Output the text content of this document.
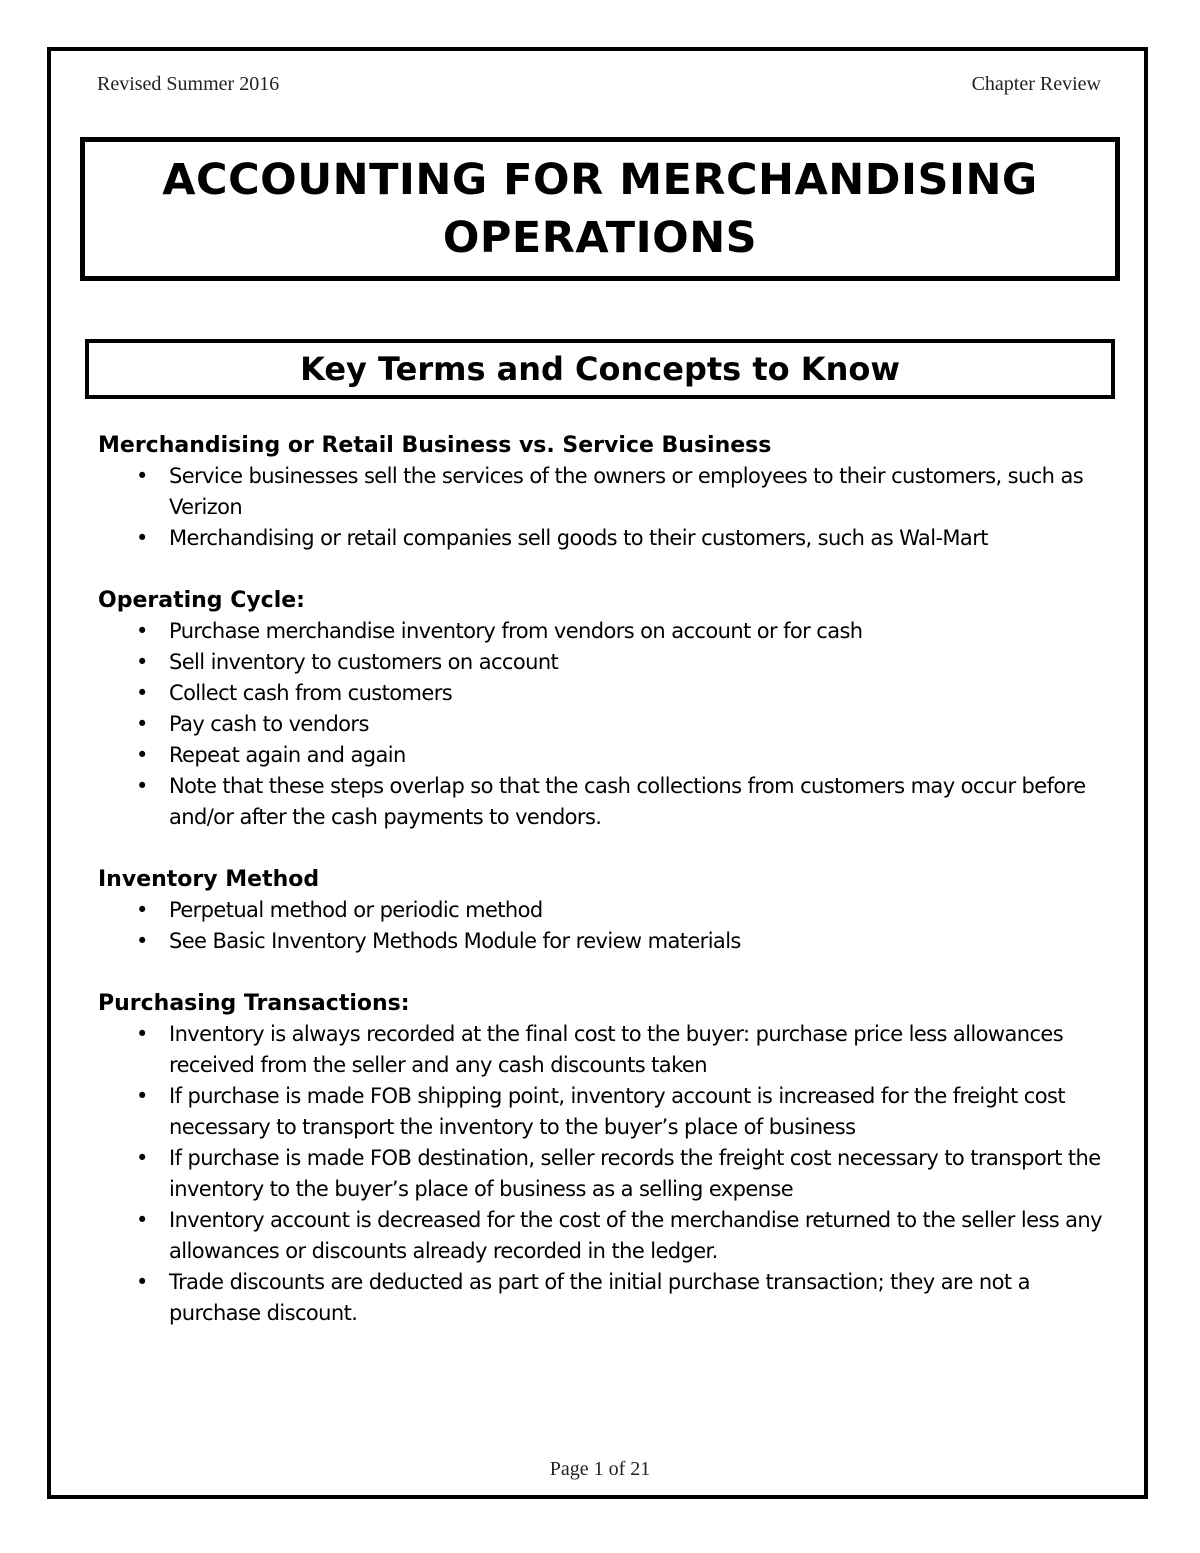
Revised Summer 2016	Chapter Review
ACCOUNTING FOR MERCHANDISING
OPERATIONS
Key Terms and Concepts to Know
Merchandising or Retail Business vs. Service Business
• Service businesses sell the services of the owners or employees to their customers, such as Verizon
• Merchandising or retail companies sell goods to their customers, such as Wal-Mart
Operating Cycle:
• Purchase merchandise inventory from vendors on account or for cash
• Sell inventory to customers on account
• Collect cash from customers
• Pay cash to vendors
• Repeat again and again
• Note that these steps overlap so that the cash collections from customers may occur before and/or after the cash payments to vendors.
Inventory Method
• Perpetual method or periodic method
• See Basic Inventory Methods Module for review materials
Purchasing Transactions:
• Inventory is always recorded at the final cost to the buyer: purchase price less allowances received from the seller and any cash discounts taken
• If purchase is made FOB shipping point, inventory account is increased for the freight cost necessary to transport the inventory to the buyer’s place of business
• If purchase is made FOB destination, seller records the freight cost necessary to transport the inventory to the buyer’s place of business as a selling expense
• Inventory account is decreased for the cost of the merchandise returned to the seller less any allowances or discounts already recorded in the ledger.
• Trade discounts are deducted as part of the initial purchase transaction; they are not a purchase discount.
Page 1 of 21
